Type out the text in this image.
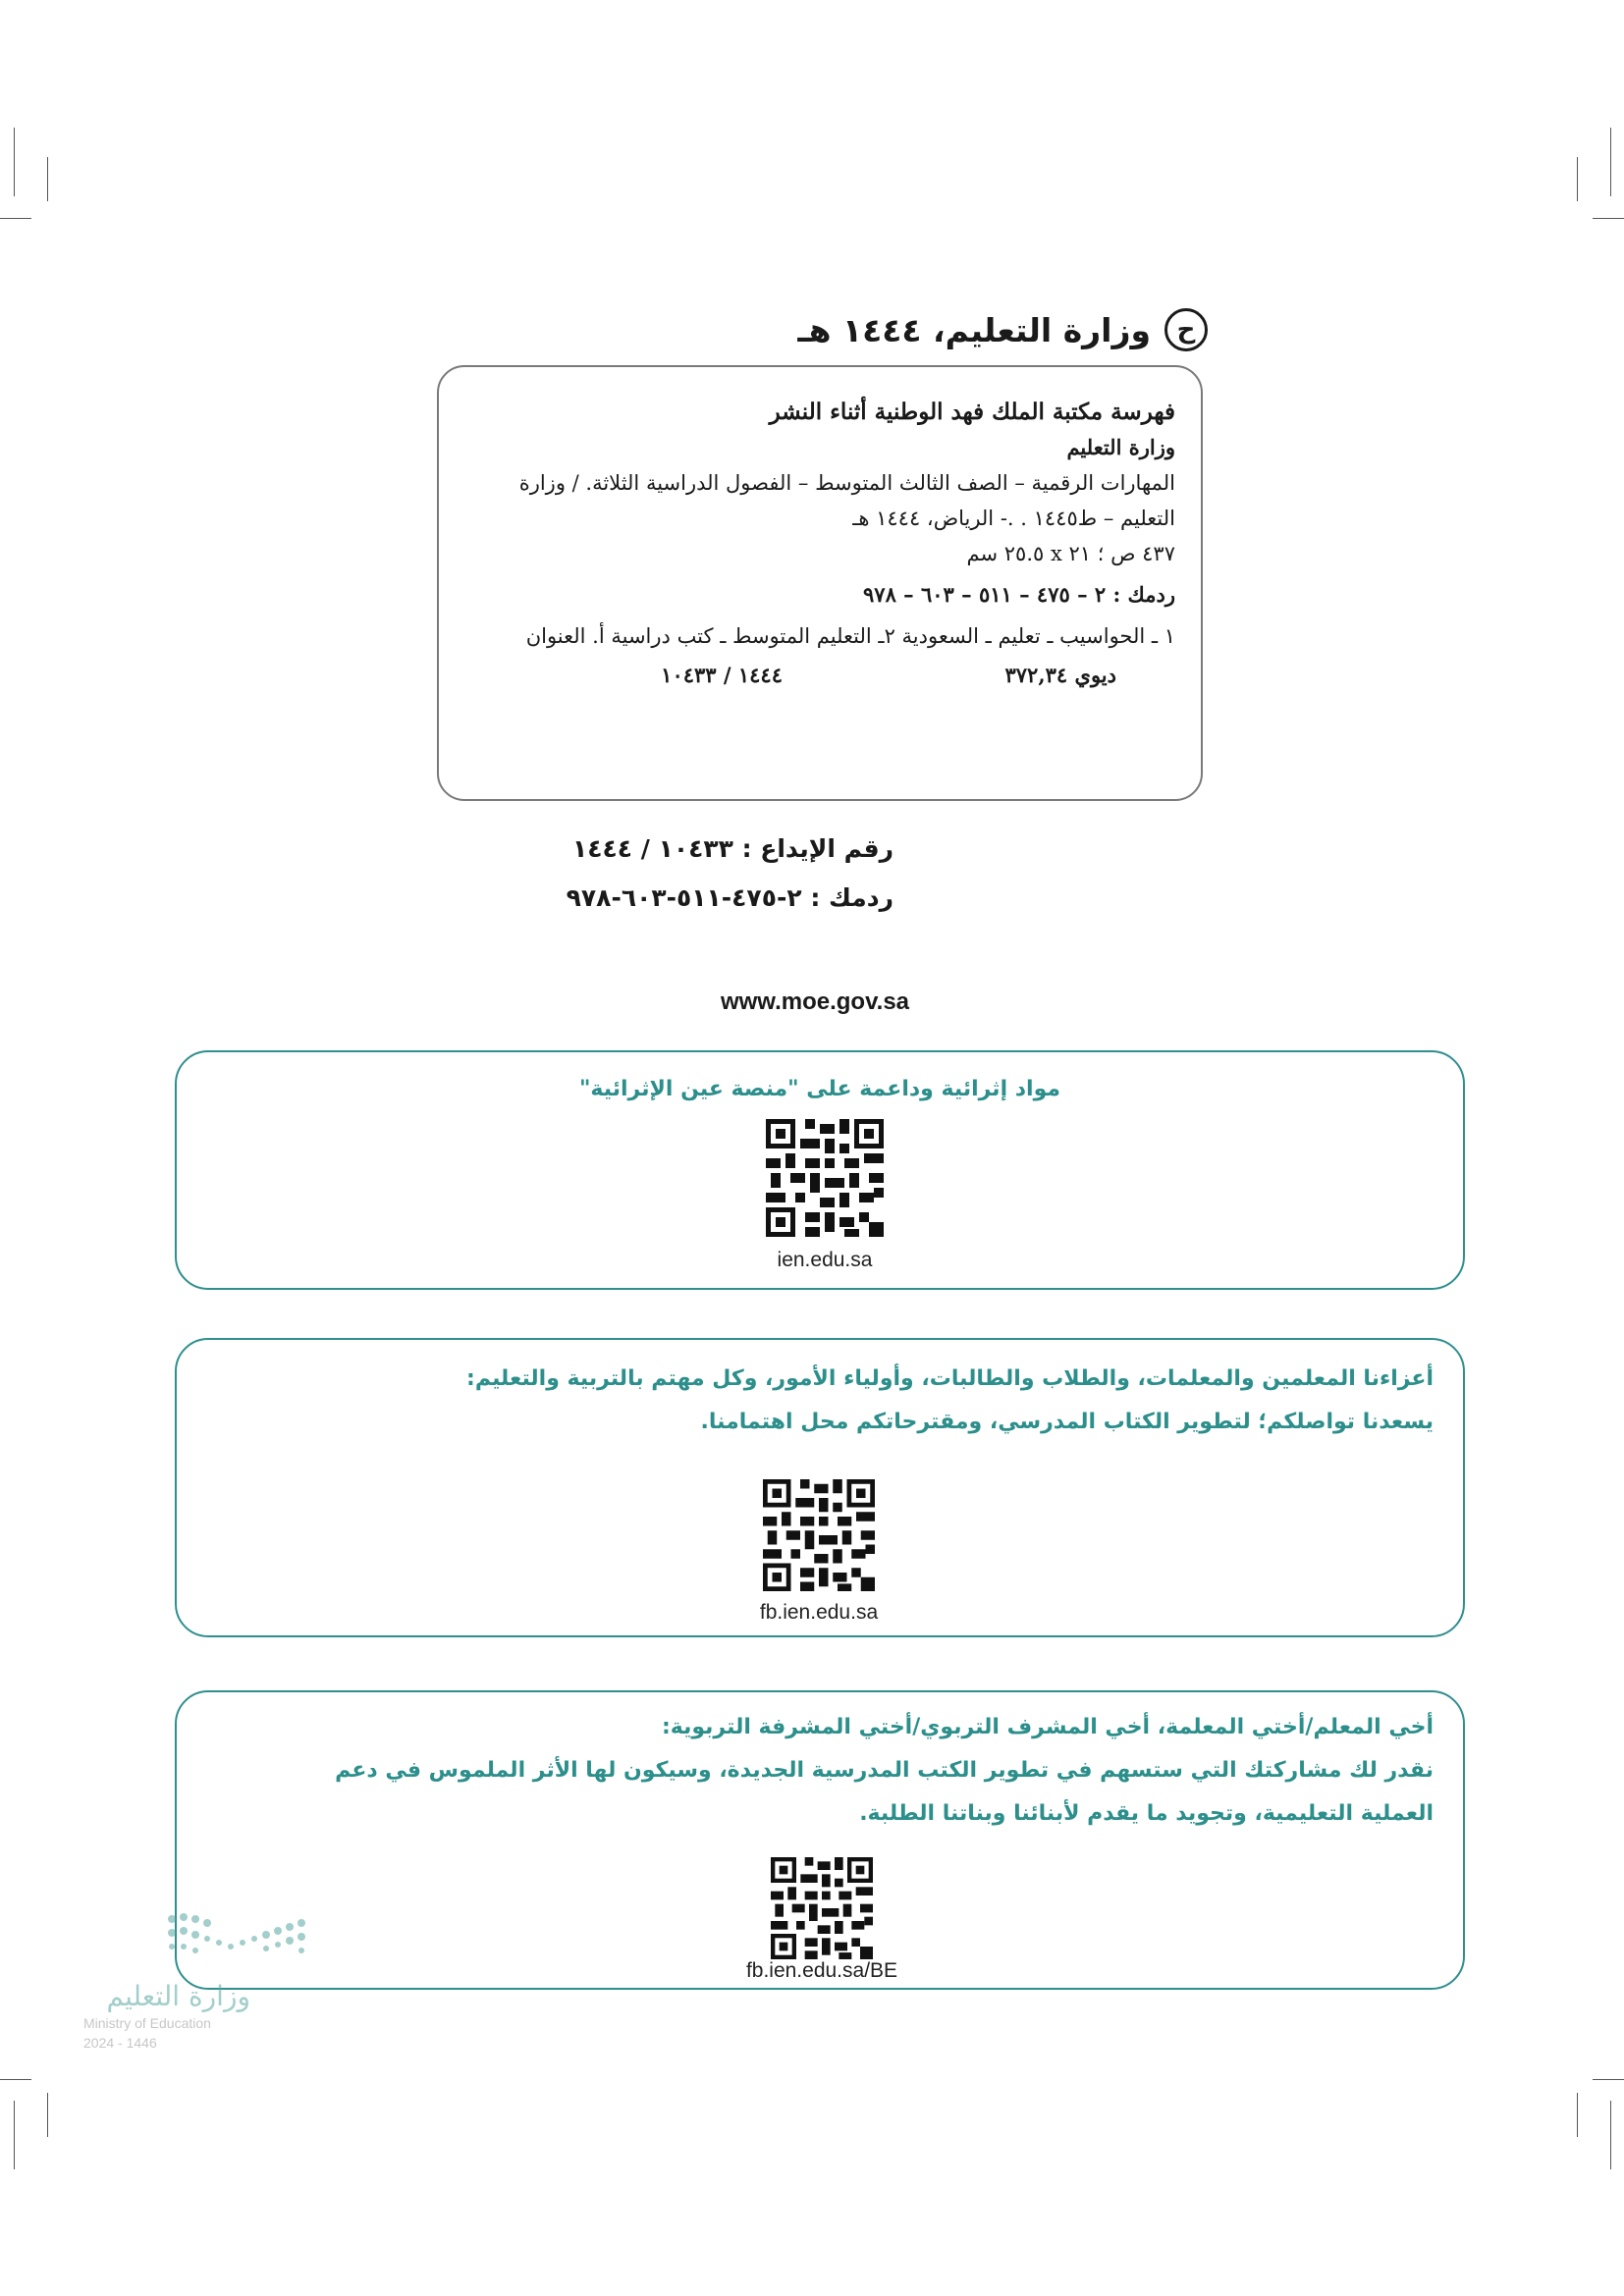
ح
وزارة التعليم، ١٤٤٤ هـ
فهرسة مكتبة الملك فهد الوطنية أثناء النشر
وزارة التعليم
المهارات الرقمية – الصف الثالث المتوسط – الفصول الدراسية الثلاثة. / وزارة التعليم – ط١٤٤٥ . .- الرياض، ١٤٤٤ هـ
٤٣٧ ص ؛ ٢١ x ٢٥.٥ سم
ردمك : ٢ – ٤٧٥ – ٥١١ – ٦٠٣ – ٩٧٨
١ ـ الحواسيب ـ تعليم ـ السعودية ٢ـ التعليم المتوسط ـ كتب دراسية أ. العنوان
ديوي ٣٧٢,٣٤
١٤٤٤ / ١٠٤٣٣
رقم الإيداع : ١٠٤٣٣ / ١٤٤٤
ردمك : ٢-٤٧٥-٥١١-٦٠٣-٩٧٨
www.moe.gov.sa
مواد إثرائية وداعمة على "منصة عين الإثرائية"
ien.edu.sa
أعزاءنا المعلمين والمعلمات، والطلاب والطالبات، وأولياء الأمور، وكل مهتم بالتربية والتعليم:
يسعدنا تواصلكم؛ لتطوير الكتاب المدرسي، ومقترحاتكم محل اهتمامنا.
fb.ien.edu.sa
أخي المعلم/أختي المعلمة، أخي المشرف التربوي/أختي المشرفة التربوية:
نقدر لك مشاركتك التي ستسهم في تطوير الكتب المدرسية الجديدة، وسيكون لها الأثر الملموس في دعم
العملية التعليمية، وتجويد ما يقدم لأبنائنا وبناتنا الطلبة.
fb.ien.edu.sa/BE
وزارة التعليم
Ministry of Education
2024 - 1446
